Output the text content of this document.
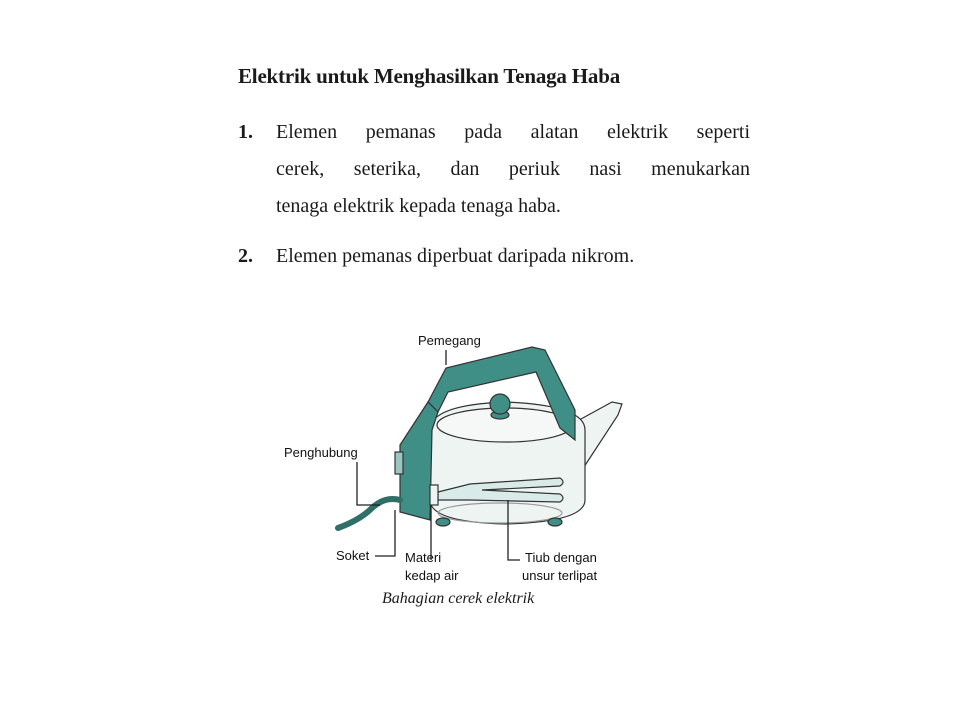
Elektrik untuk Menghasilkan Tenaga Haba
1. Elemen pemanas pada alatan elektrik seperti
cerek, seterika, dan periuk nasi menukarkan
tenaga elektrik kepada tenaga haba.
2. Elemen pemanas diperbuat daripada nikrom.
Pemegang
Penghubung
Soket	Materi
kedap air
Tiub dengan
unsur terlipat
Bahagian cerek elektrik
